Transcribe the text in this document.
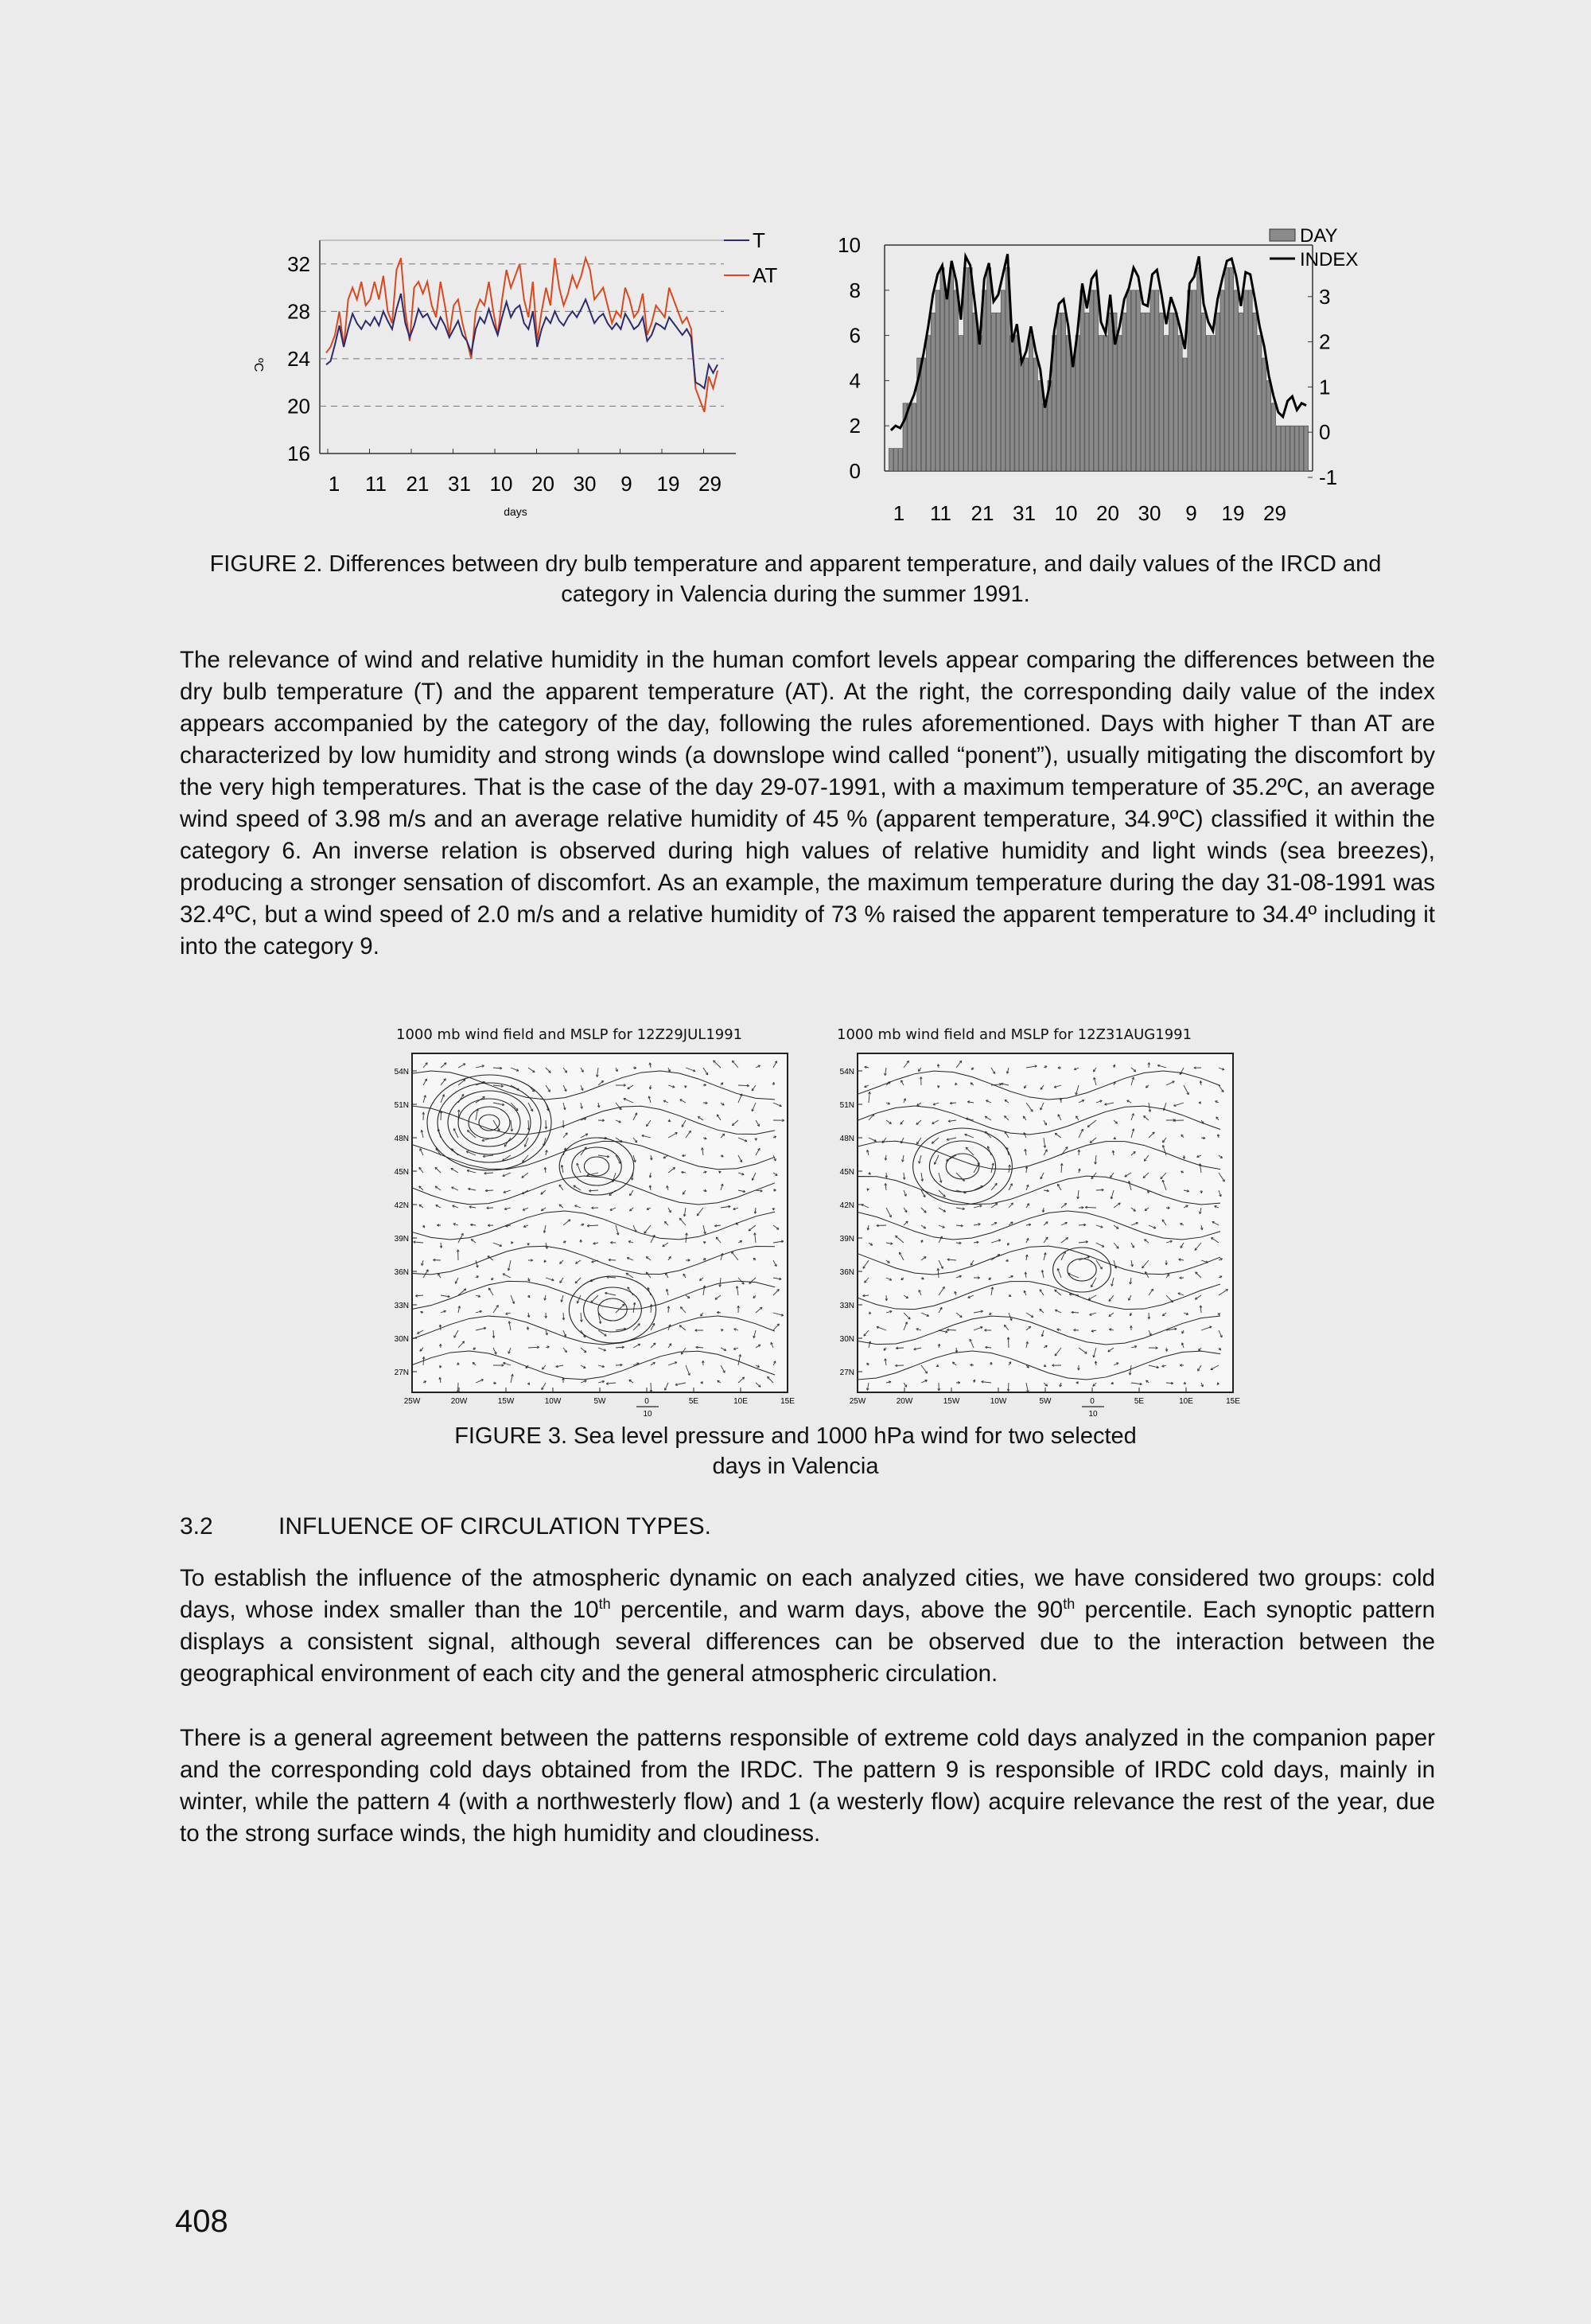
16
20
24
28
32
1 11 21 31 10 20 30 9 19 29
ºC
days
T
AT
0
2
4
6
8
10
-1
0
1
2
3
1 11 21 31 10 20 30 9 19 29
DAY
INDEX
FIGURE 2. Differences between dry bulb temperature and apparent temperature, and daily values of the IRCD and category in Valencia during the summer 1991.
The relevance of wind and relative humidity in the human comfort levels appear comparing the differences between the dry bulb temperature (T) and the apparent temperature (AT). At the right, the corresponding daily value of the index appears accompanied by the category of the day, following the rules aforementioned. Days with higher T than AT are characterized by low humidity and strong winds (a downslope wind called “ponent”), usually mitigating the discomfort by the very high temperatures. That is the case of the day 29-07-1991, with a maximum temperature of 35.2ºC, an average wind speed of 3.98 m/s and an average relative humidity of 45 % (apparent temperature, 34.9ºC) classified it within the category 6. An inverse relation is observed during high values of relative humidity and light winds (sea breezes), producing a stronger sensation of discomfort. As an example, the maximum temperature during the day 31-08-1991 was 32.4ºC, but a wind speed of 2.0 m/s and a relative humidity of 73 % raised the apparent temperature to 34.4º including it into the category 9.
1000 mb wind field and MSLP for 12Z29JUL1991	1000 mb wind field and MSLP for 12Z31AUG1991
54N
51N
48N
45N
42N
39N
36N
33N
30N
27N
25W	20W	15W	10W	5W	0	5E	10E	15E
10
54N
51N
48N
45N
42N
39N
36N
33N
30N
27N
25W	20W	15W	10W	5W	0	5E	10E	15E
10
FIGURE 3. Sea level pressure and 1000 hPa wind for two selected
days in Valencia
3.2	INFLUENCE OF CIRCULATION TYPES.

To establish the influence of the atmospheric dynamic on each analyzed cities, we have considered two groups: cold days, whose index smaller than the 10th percentile, and warm days, above the 90th percentile. Each synoptic pattern displays a consistent signal, although several differences can be observed due to the interaction between the geographical environment of each city and the general atmospheric circulation.

There is a general agreement between the patterns responsible of extreme cold days analyzed in the companion paper and the corresponding cold days obtained from the IRDC. The pattern 9 is responsible of IRDC cold days, mainly in winter, while the pattern 4 (with a northwesterly flow) and 1 (a westerly flow) acquire relevance the rest of the year, due to the strong surface winds, the high humidity and cloudiness.
408
